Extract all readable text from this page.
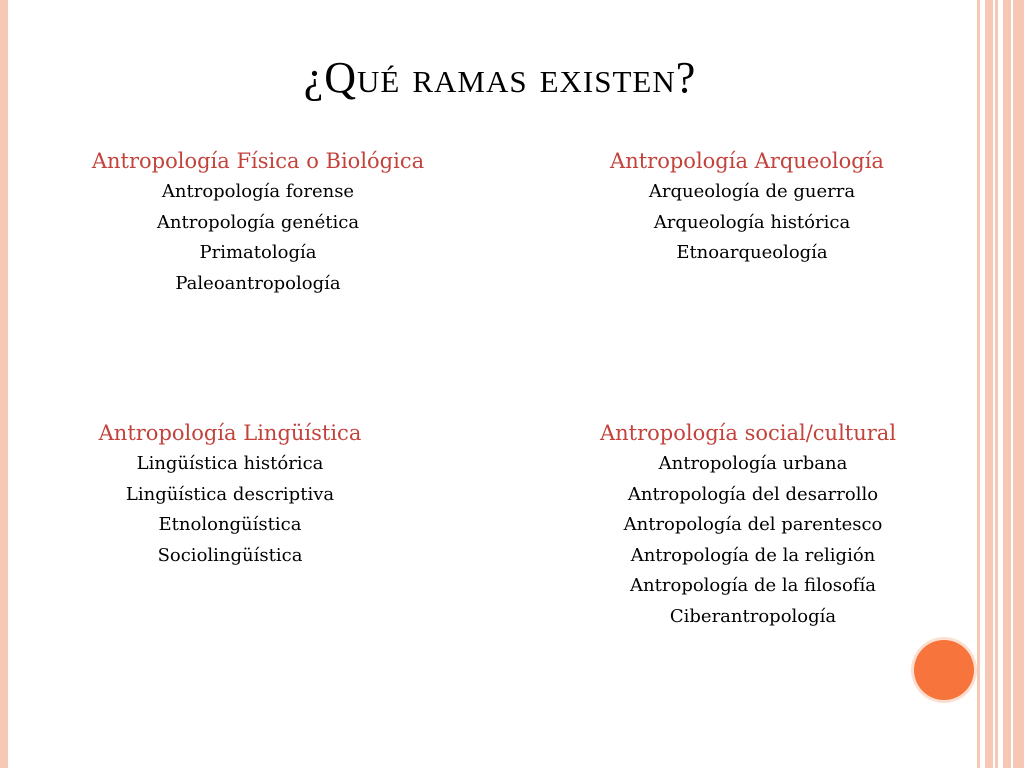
¿Qué ramas existen?
Antropología Física o Biológica
Antropología forense
Antropología genética
Primatología
Paleoantropología
Antropología Arqueología
Arqueología de guerra
Arqueología histórica
Etnoarqueología
Antropología Lingüística
Lingüística histórica
Lingüística descriptiva
Etnolongüística
Sociolingüística
Antropología social/cultural
Antropología urbana
Antropología del desarrollo
Antropología del parentesco
Antropología de la religión
Antropología de la filosofía
Ciberantropología
